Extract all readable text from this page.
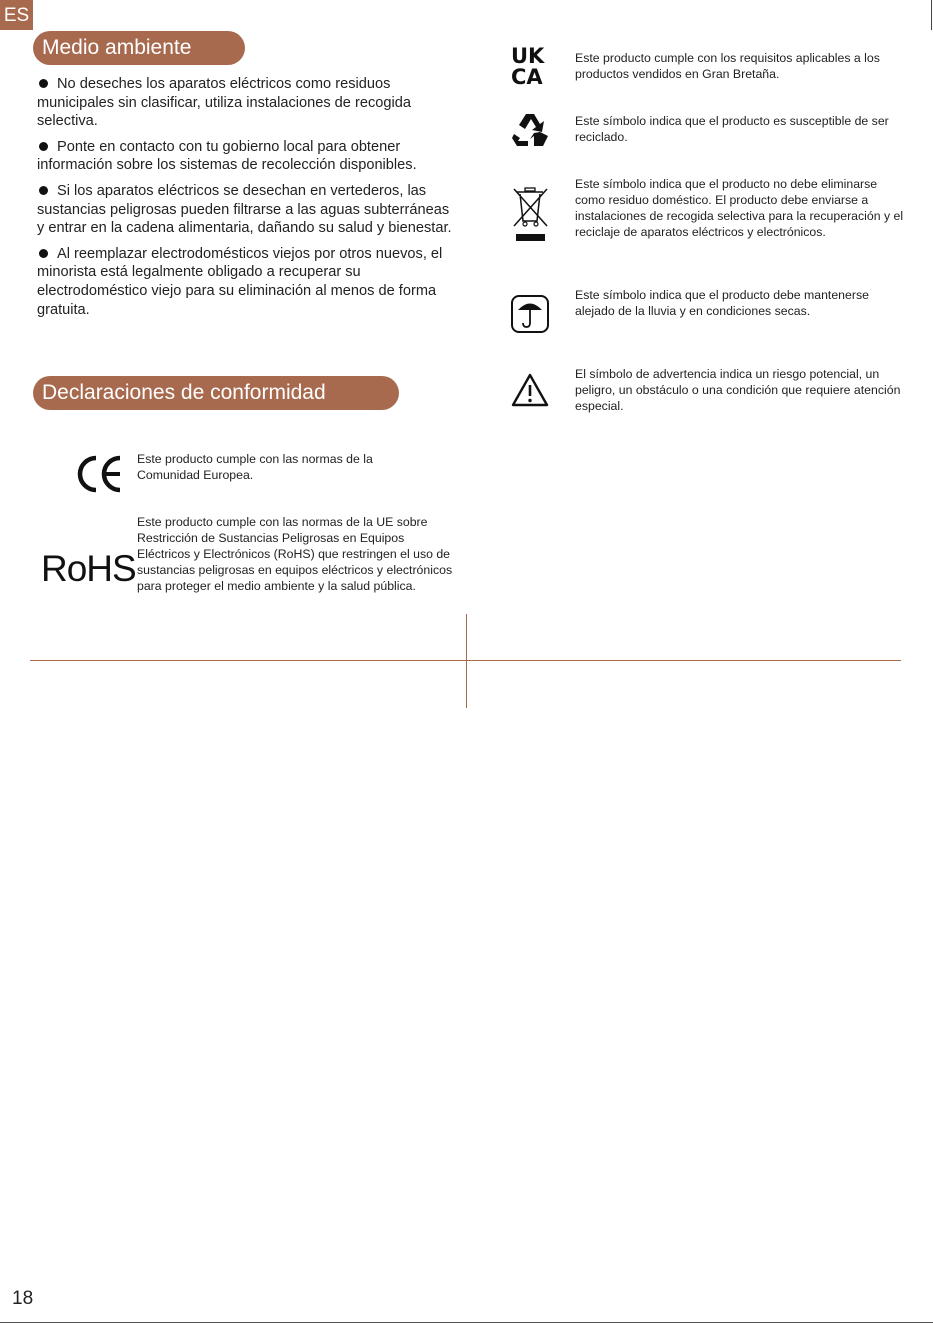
ES
Medio ambiente

No deseches los aparatos eléctricos como residuos municipales sin clasificar, utiliza instalaciones de recogida selectiva.

Ponte en contacto con tu gobierno local para obtener información sobre los sistemas de recolección disponibles.

Si los aparatos eléctricos se desechan en vertederos, las sustancias peligrosas pueden filtrarse a las aguas subterráneas y entrar en la cadena alimentaria, dañando su salud y bienestar.

Al reemplazar electrodomésticos viejos por otros nuevos, el minorista está legalmente obligado a recuperar su electrodoméstico viejo para su eliminación al menos de forma gratuita.

Declaraciones de conformidad
Este producto cumple con las normas de la Comunidad Europea.
RoHS
Este producto cumple con las normas de la UE sobre Restricción de Sustancias Peligrosas en Equipos Eléctricos y Electrónicos (RoHS) que restringen el uso de sustancias peligrosas en equipos eléctricos y electrónicos para proteger el medio ambiente y la salud pública.
UK
CA
Este producto cumple con los requisitos aplicables a los productos vendidos en Gran Bretaña.
Este símbolo indica que el producto es susceptible de ser reciclado.
Este símbolo indica que el producto no debe eliminarse como residuo doméstico. El producto debe enviarse a instalaciones de recogida selectiva para la recuperación y el reciclaje de aparatos eléctricos y electrónicos.
Este símbolo indica que el producto debe mantenerse alejado de la lluvia y en condiciones secas.
El símbolo de advertencia indica un riesgo potencial, un peligro, un obstáculo o una condición que requiere atención especial.
18
